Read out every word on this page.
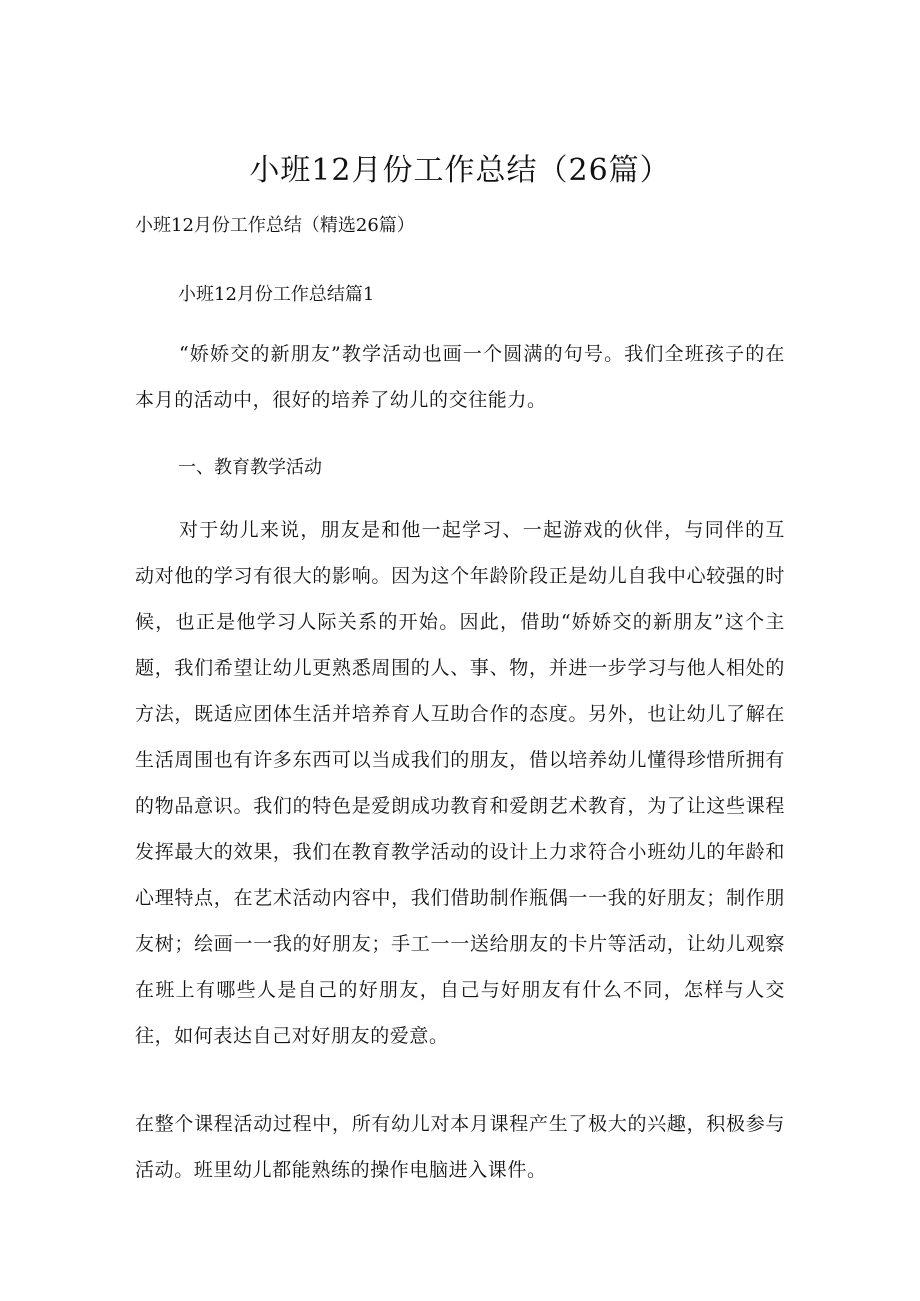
小班12月份工作总结（26篇）
小班12月份工作总结（精选26篇）
小班12月份工作总结篇1
“娇娇交的新朋友”教学活动也画一个圆满的句号。我们全班孩子的在本月的活动中，很好的培养了幼儿的交往能力。
一、教育教学活动
对于幼儿来说，朋友是和他一起学习、一起游戏的伙伴，与同伴的互动对他的学习有很大的影响。因为这个年龄阶段正是幼儿自我中心较强的时候，也正是他学习人际关系的开始。因此，借助“娇娇交的新朋友”这个主题，我们希望让幼儿更熟悉周围的人、事、物，并进一步学习与他人相处的方法，既适应团体生活并培养育人互助合作的态度。另外，也让幼儿了解在生活周围也有许多东西可以当成我们的朋友，借以培养幼儿懂得珍惜所拥有的物品意识。我们的特色是爱朗成功教育和爱朗艺术教育，为了让这些课程发挥最大的效果，我们在教育教学活动的设计上力求符合小班幼儿的年龄和心理特点，在艺术活动内容中，我们借助制作瓶偶一一我的好朋友；制作朋友树；绘画一一我的好朋友；手工一一送给朋友的卡片等活动，让幼儿观察在班上有哪些人是自己的好朋友，自己与好朋友有什么不同，怎样与人交往，如何表达自己对好朋友的爱意。
在整个课程活动过程中，所有幼儿对本月课程产生了极大的兴趣，积极参与活动。班里幼儿都能熟练的操作电脑进入课件。
